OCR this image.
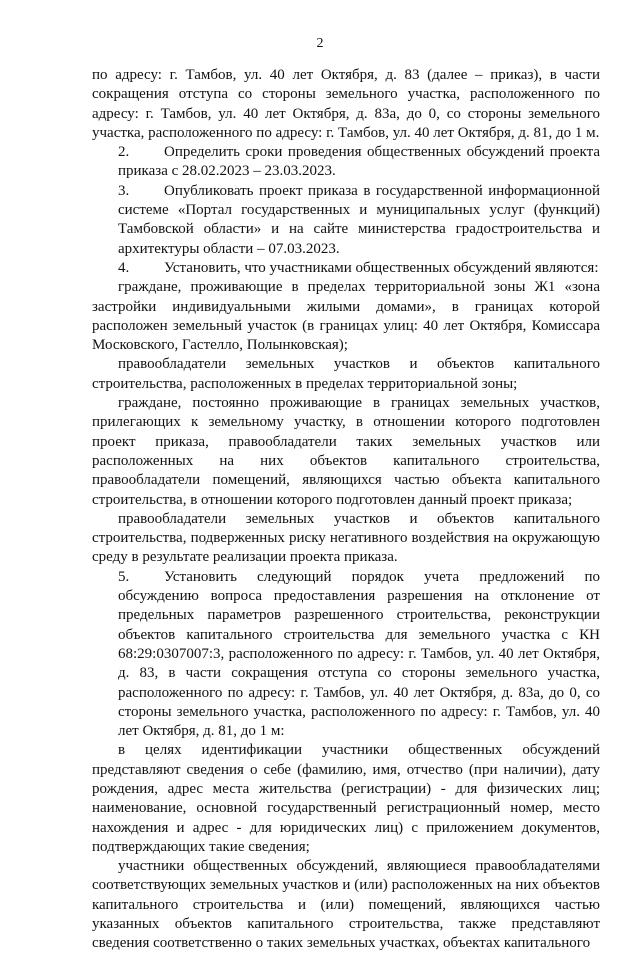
2

по адресу: г. Тамбов, ул. 40 лет Октября, д. 83 (далее – приказ), в части сокращения отступа со стороны земельного участка, расположенного по адресу: г. Тамбов, ул. 40 лет Октября, д. 83а, до 0, со стороны земельного участка, расположенного по адресу: г. Тамбов, ул. 40 лет Октября, д. 81, до 1 м.

2. Определить сроки проведения общественных обсуждений проекта приказа с 28.02.2023 – 23.03.2023.

3. Опубликовать проект приказа в государственной информационной системе «Портал государственных и муниципальных услуг (функций) Тамбовской области» и на сайте министерства градостроительства и архитектуры области – 07.03.2023.

4. Установить, что участниками общественных обсуждений являются:

граждане, проживающие в пределах территориальной зоны Ж1 «зона застройки индивидуальными жилыми домами», в границах которой расположен земельный участок (в границах улиц: 40 лет Октября, Комиссара Московского, Гастелло, Полынковская);

правообладатели земельных участков и объектов капитального строительства, расположенных в пределах территориальной зоны;

граждане, постоянно проживающие в границах земельных участков, прилегающих к земельному участку, в отношении которого подготовлен проект приказа, правообладатели таких земельных участков или расположенных на них объектов капитального строительства, правообладатели помещений, являющихся частью объекта капитального строительства, в отношении которого подготовлен данный проект приказа;

правообладатели земельных участков и объектов капитального строительства, подверженных риску негативного воздействия на окружающую среду в результате реализации проекта приказа.

5. Установить следующий порядок учета предложений по обсуждению вопроса предоставления разрешения на отклонение от предельных параметров разрешенного строительства, реконструкции объектов капитального строительства для земельного участка с КН 68:29:0307007:3, расположенного по адресу: г. Тамбов, ул. 40 лет Октября, д. 83, в части сокращения отступа со стороны земельного участка, расположенного по адресу: г. Тамбов, ул. 40 лет Октября, д. 83а, до 0, со стороны земельного участка, расположенного по адресу: г. Тамбов, ул. 40 лет Октября, д. 81, до 1 м:

в целях идентификации участники общественных обсуждений представляют сведения о себе (фамилию, имя, отчество (при наличии), дату рождения, адрес места жительства (регистрации) - для физических лиц; наименование, основной государственный регистрационный номер, место нахождения и адрес - для юридических лиц) с приложением документов, подтверждающих такие сведения;

участники общественных обсуждений, являющиеся правообладателями соответствующих земельных участков и (или) расположенных на них объектов капитального строительства и (или) помещений, являющихся частью указанных объектов капитального строительства, также представляют сведения соответственно о таких земельных участках, объектах капитального
